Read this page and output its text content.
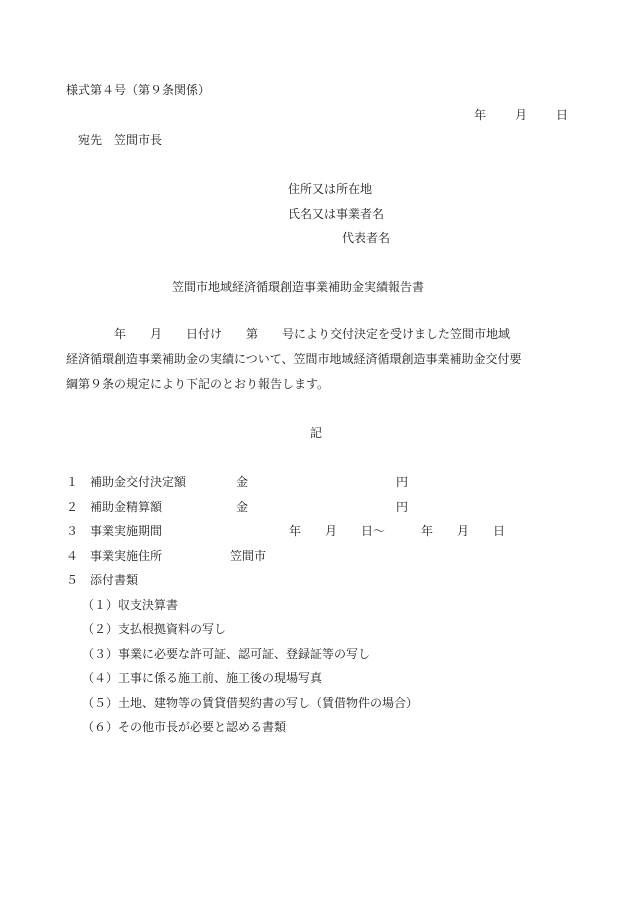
様式第４号（第９条関係）
年 月 日
宛先　笠間市長
住所又は所在地
氏名又は事業者名
代表者名
笠間市地域経済循環創造事業補助金実績報告書
　　　　年　　月　　日付け　　第　　号により交付決定を受けました笠間市地域
経済循環創造事業補助金の実績について、笠間市地域経済循環創造事業補助金交付要
綱第９条の規定により下記のとおり報告します。
記
１ 補助金交付決定額	金	円
２ 補助金精算額	金	円
３ 事業実施期間	年　　月　　日～　　　年　　月　　日
４ 事業実施住所	笠間市
５ 添付書類
（１）収支決算書
（２）支払根拠資料の写し
（３）事業に必要な許可証、認可証、登録証等の写し
（４）工事に係る施工前、施工後の現場写真
（５）土地、建物等の賃貸借契約書の写し（賃借物件の場合）
（６）その他市長が必要と認める書類
